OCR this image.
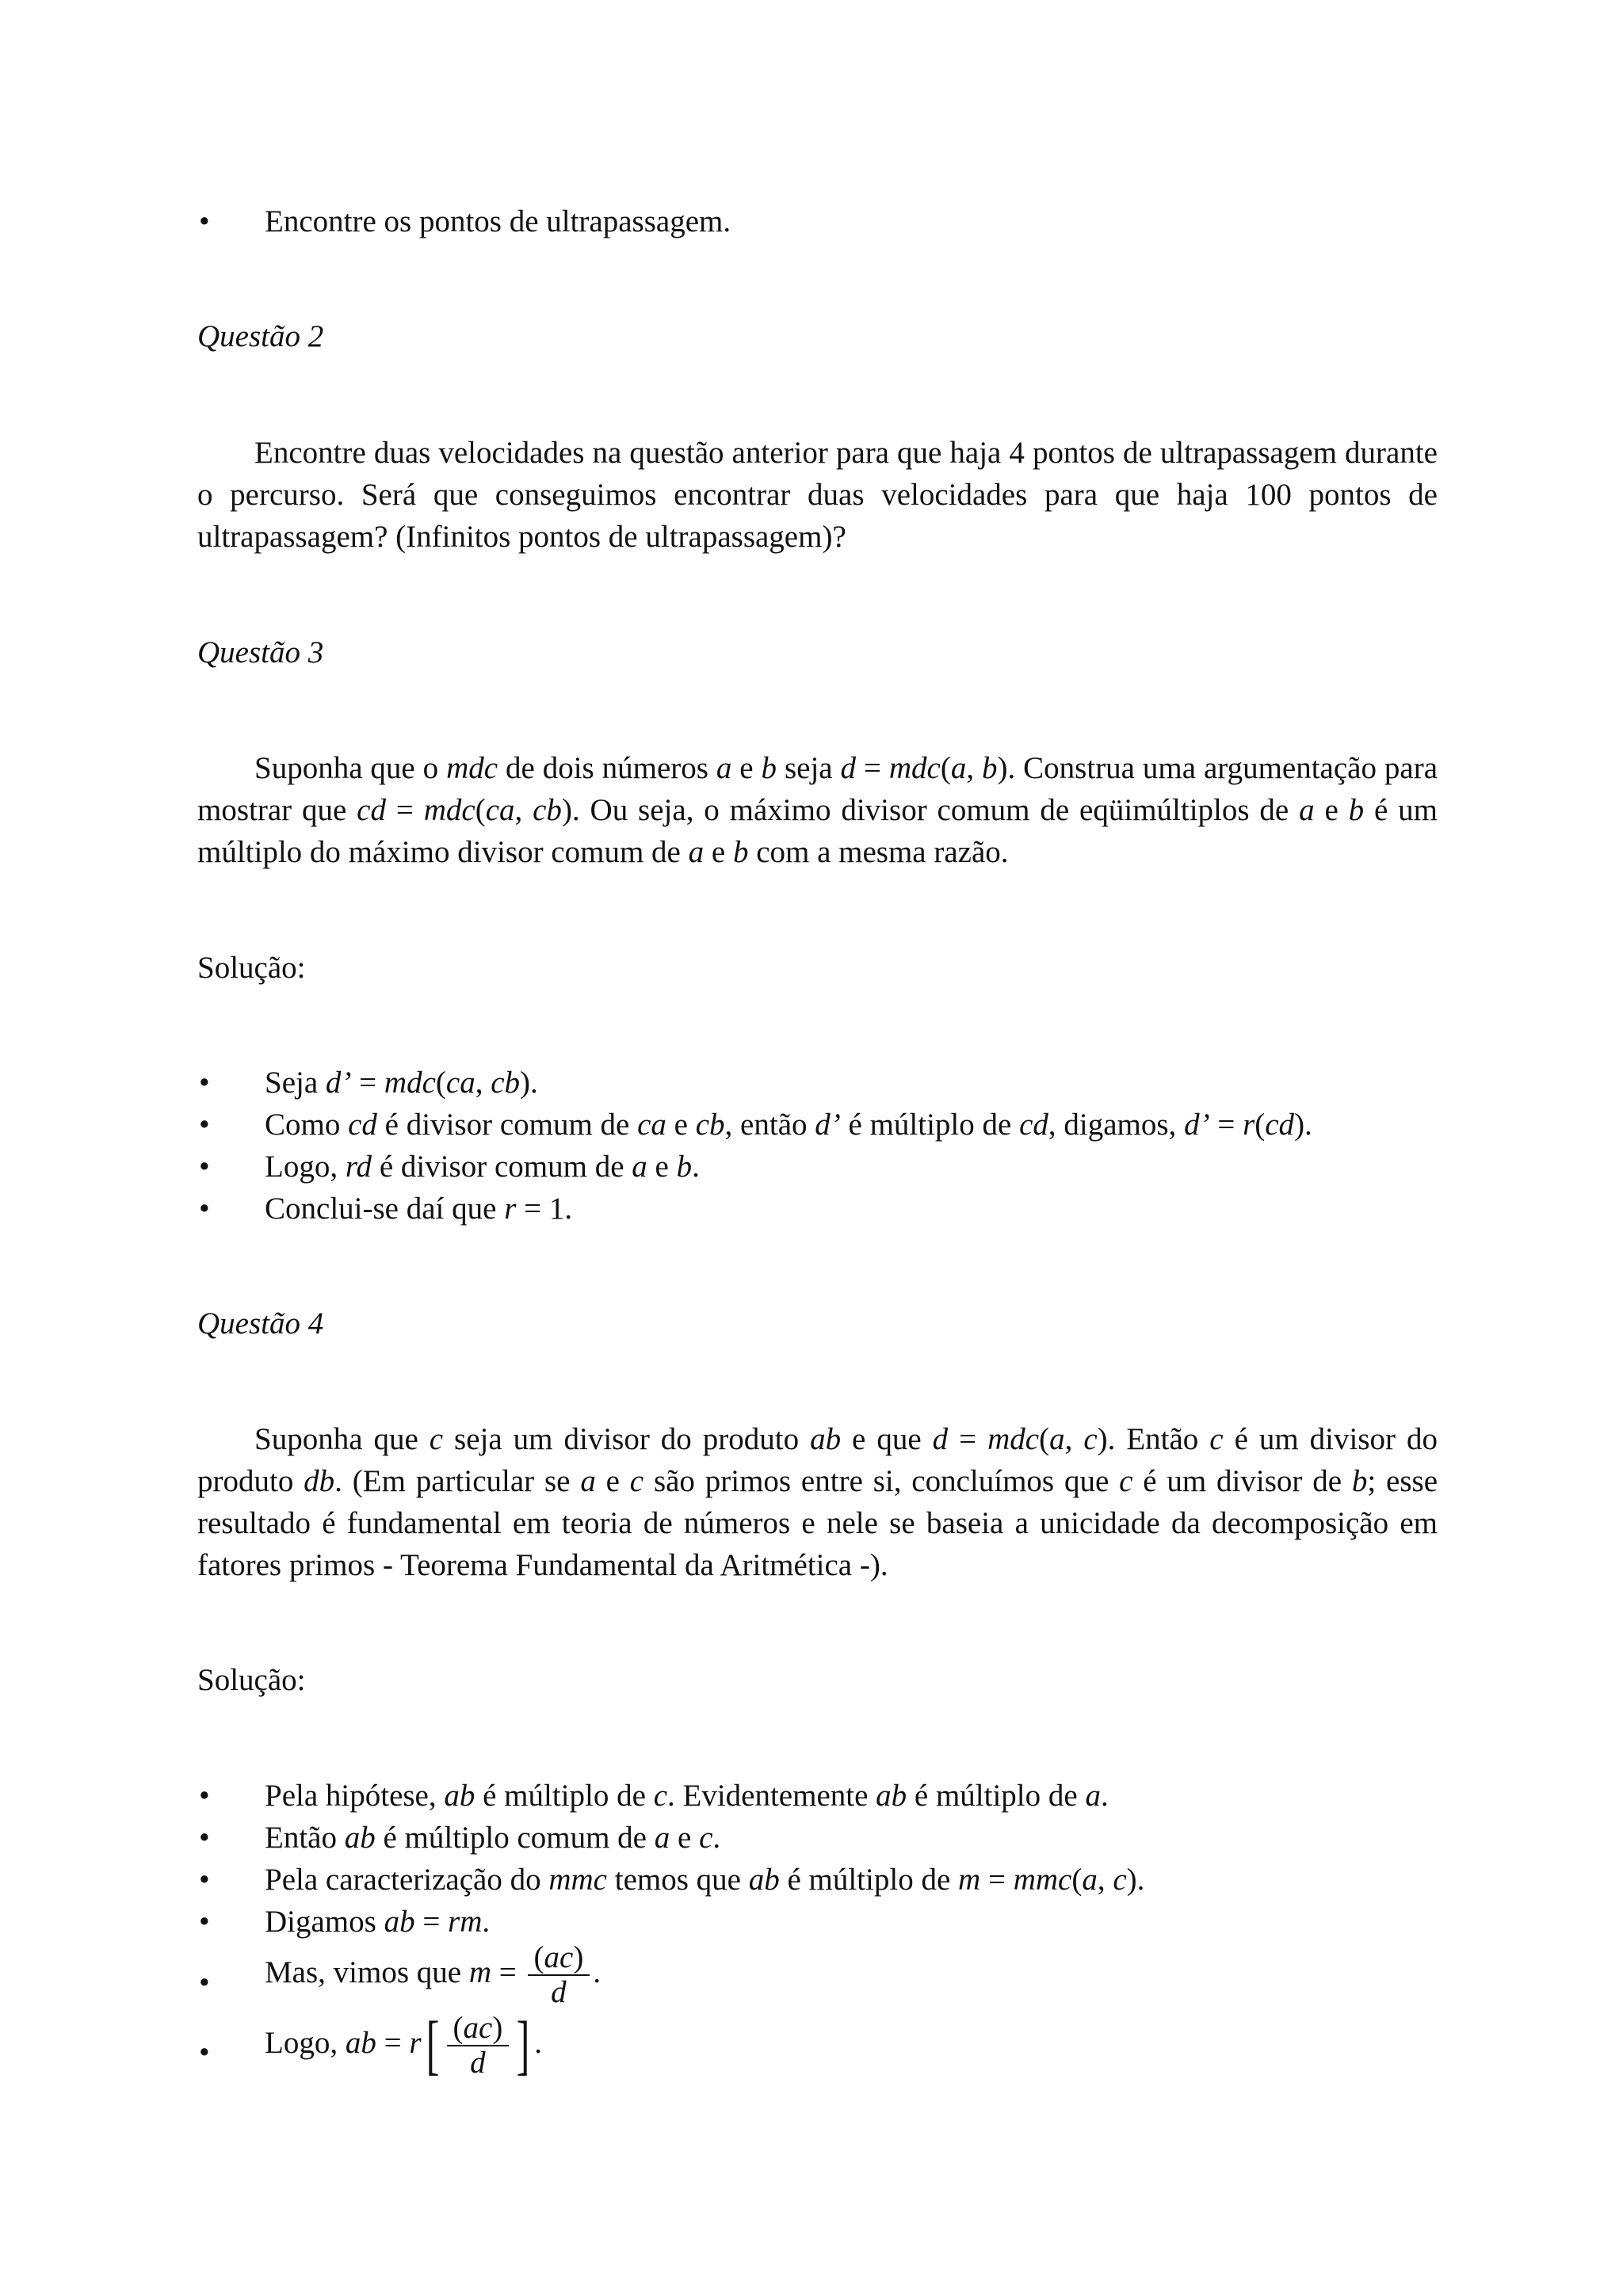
• Encontre os pontos de ultrapassagem.
Questão 2
Encontre duas velocidades na questão anterior para que haja 4 pontos de ultrapassagem durante o percurso. Será que conseguimos encontrar duas velocidades para que haja 100 pontos de ultrapassagem? (Infinitos pontos de ultrapassagem)?
Questão 3
Suponha que o mdc de dois números a e b seja d = mdc(a, b). Construa uma argumentação para mostrar que cd = mdc(ca, cb). Ou seja, o máximo divisor comum de eqüimúltiplos de a e b é um múltiplo do máximo divisor comum de a e b com a mesma razão.
Solução:
• Seja d’ = mdc(ca, cb).
• Como cd é divisor comum de ca e cb, então d’ é múltiplo de cd, digamos, d’ = r(cd).
• Logo, rd é divisor comum de a e b.
• Conclui-se daí que r = 1.
Questão 4
Suponha que c seja um divisor do produto ab e que d = mdc(a, c). Então c é um divisor do produto db. (Em particular se a e c são primos entre si, concluímos que c é um divisor de b; esse resultado é fundamental em teoria de números e nele se baseia a unicidade da decomposição em fatores primos - Teorema Fundamental da Aritmética -).
Solução:
• Pela hipótese, ab é múltiplo de c. Evidentemente ab é múltiplo de a.
• Então ab é múltiplo comum de a e c.
• Pela caracterização do mmc temos que ab é múltiplo de m = mmc(a, c).
• Digamos ab = rm.
• Mas, vimos que $m = \frac{(ac)}{d}$ .
• Logo, ab = $r[ \frac{(ac)}{d}$ ] .
